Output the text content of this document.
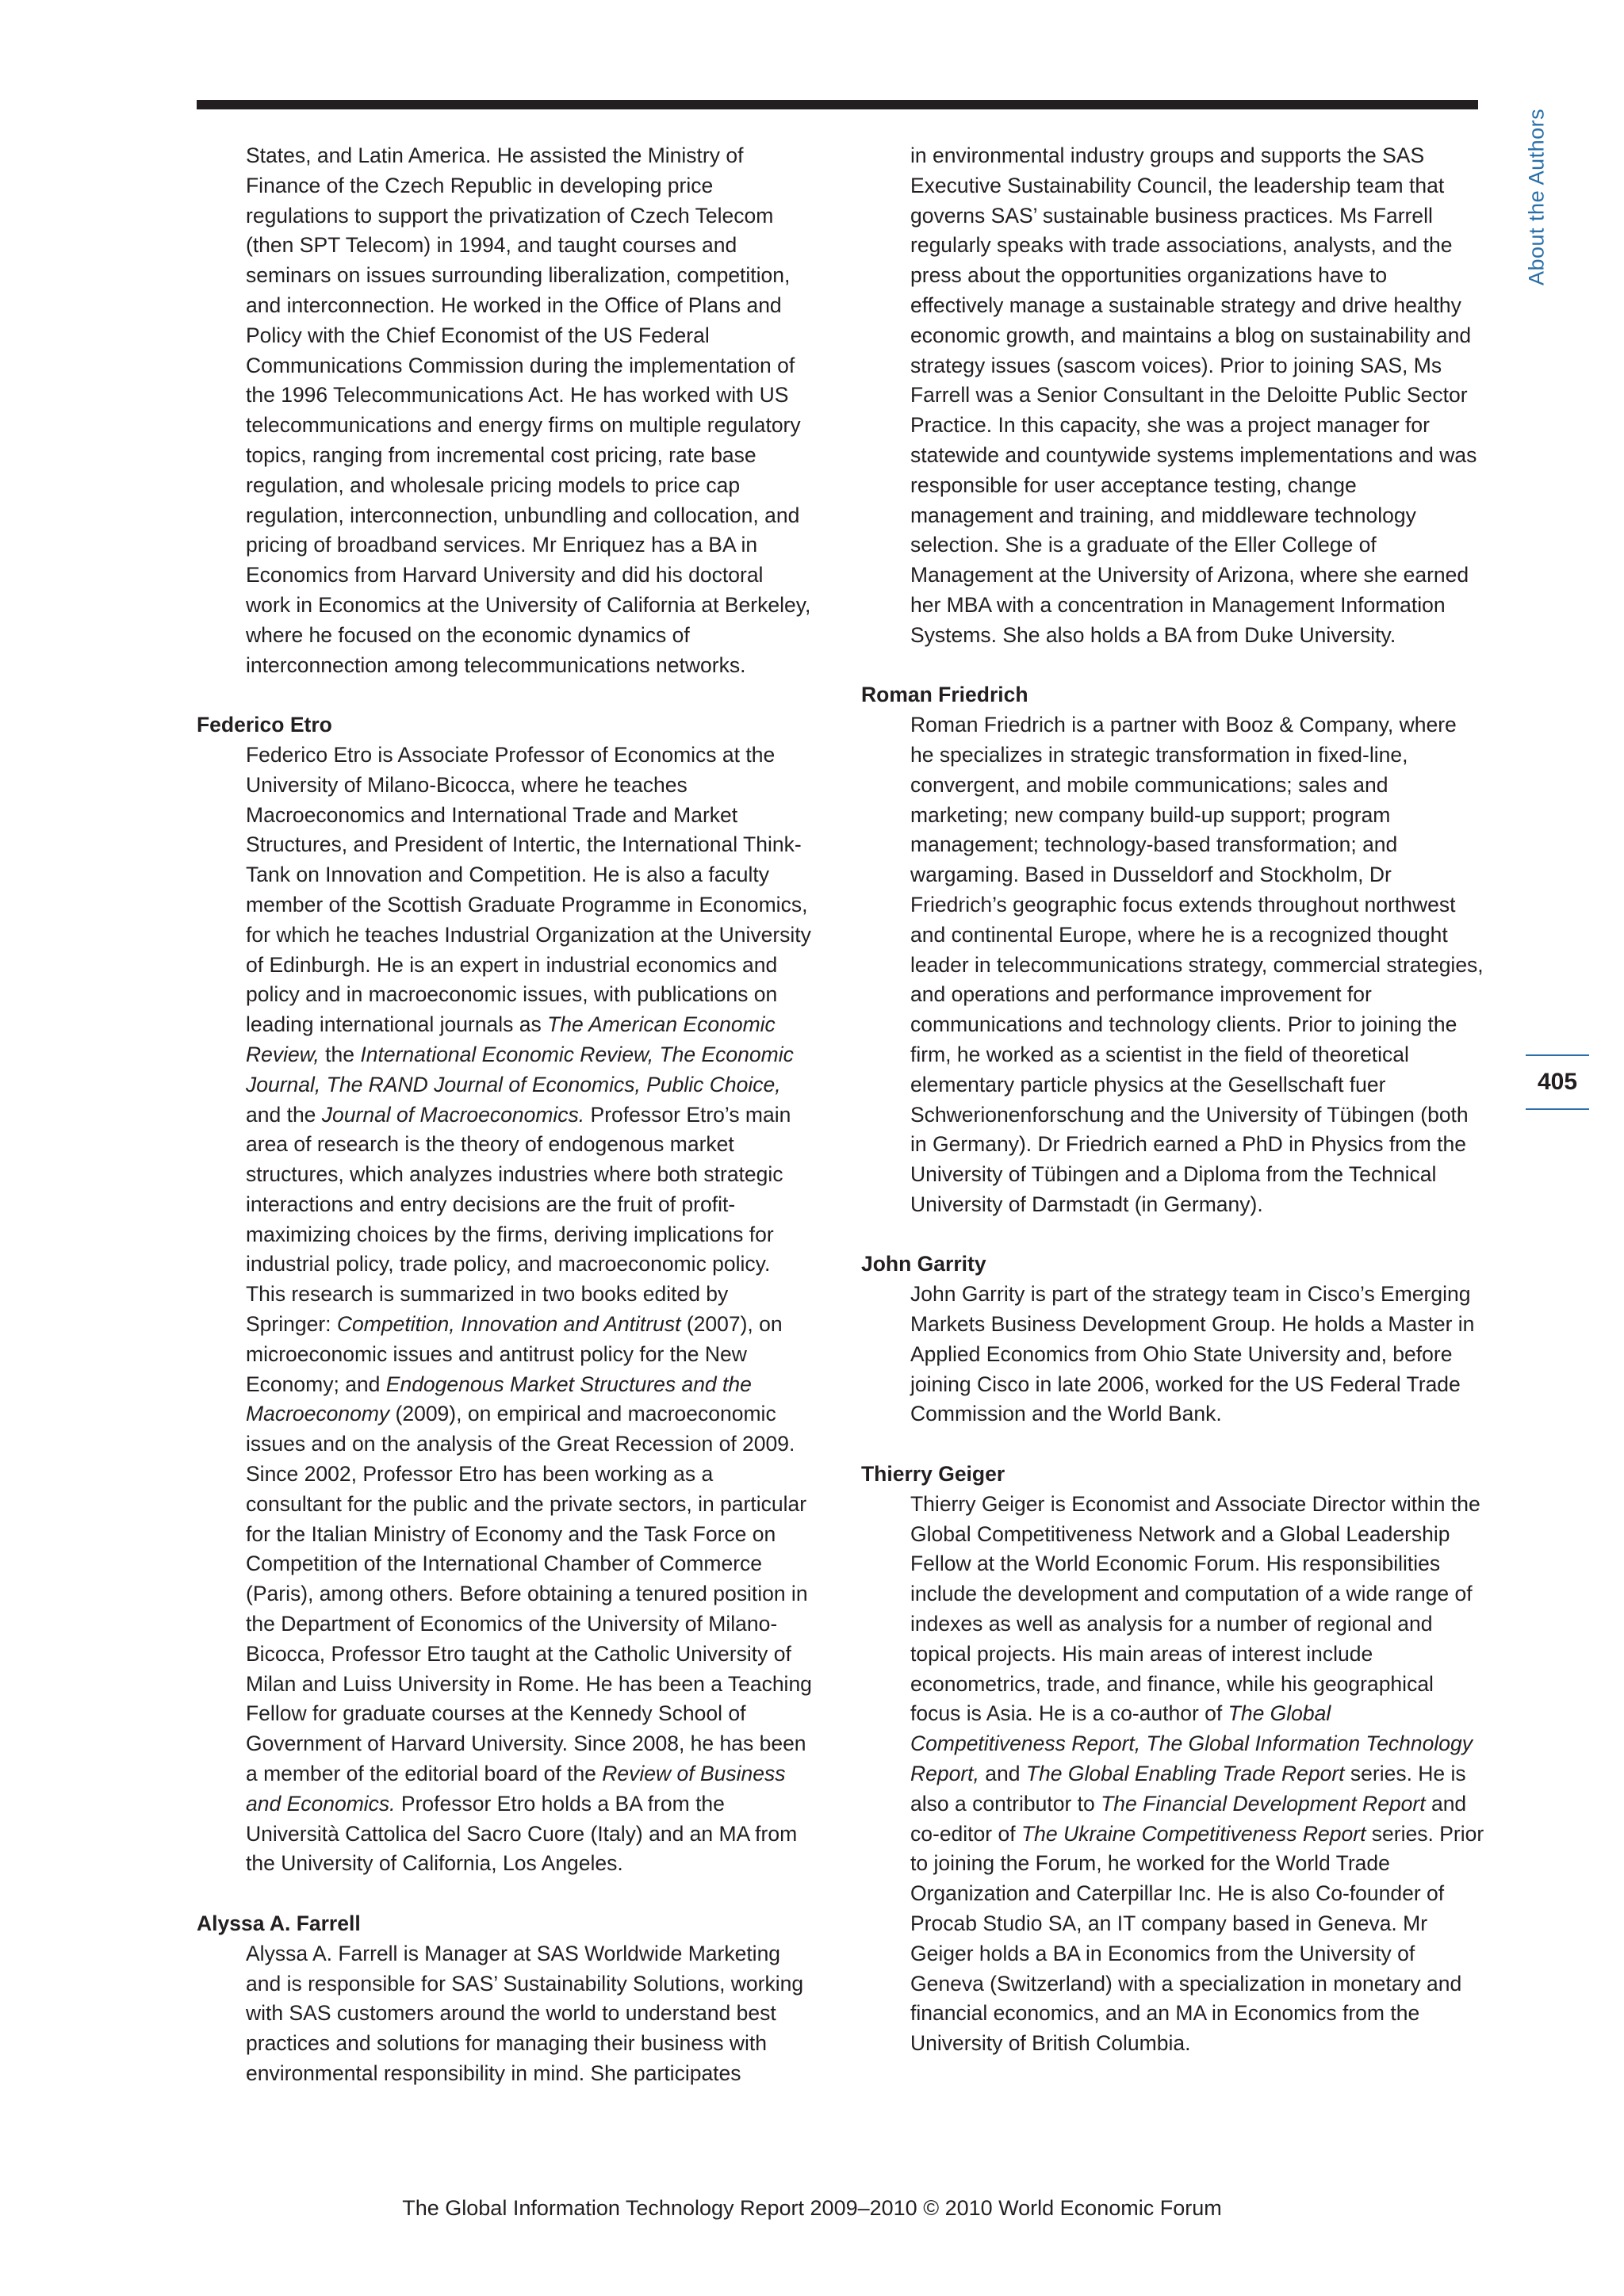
About the Authors
405

States, and Latin America. He assisted the Ministry of Finance of the Czech Republic in developing price regulations to support the privatization of Czech Telecom (then SPT Telecom) in 1994, and taught courses and seminars on issues surrounding liberalization, competition, and interconnection. He worked in the Office of Plans and Policy with the Chief Economist of the US Federal Communications Commission during the implementation of the 1996 Telecommunications Act. He has worked with US telecommunications and energy firms on multiple regulatory topics, ranging from incremental cost pricing, rate base regulation, and wholesale pricing models to price cap regulation, interconnection, unbundling and collocation, and pricing of broadband services. Mr Enriquez has a BA in Economics from Harvard University and did his doctoral work in Economics at the University of California at Berkeley, where he focused on the economic dynamics of interconnection among telecommunications networks.

Federico Etro

Federico Etro is Associate Professor of Economics at the University of Milano-Bicocca, where he teaches Macroeconomics and International Trade and Market Structures, and President of Intertic, the International Think-Tank on Innovation and Competition. He is also a faculty member of the Scottish Graduate Programme in Economics, for which he teaches Industrial Organization at the University of Edinburgh. He is an expert in industrial economics and policy and in macroeconomic issues, with publications on leading international journals as The American Economic Review, the International Economic Review, The Economic Journal, The RAND Journal of Economics, Public Choice, and the Journal of Macroeconomics. Professor Etro’s main area of research is the theory of endogenous market structures, which analyzes industries where both strategic interactions and entry decisions are the fruit of profit-maximizing choices by the firms, deriving implications for industrial policy, trade policy, and macroeconomic policy. This research is summarized in two books edited by Springer: Competition, Innovation and Antitrust (2007), on microeconomic issues and antitrust policy for the New Economy; and Endogenous Market Structures and the Macroeconomy (2009), on empirical and macroeconomic issues and on the analysis of the Great Recession of 2009. Since 2002, Professor Etro has been working as a consultant for the public and the private sectors, in particular for the Italian Ministry of Economy and the Task Force on Competition of the International Chamber of Commerce (Paris), among others. Before obtaining a tenured position in the Department of Economics of the University of Milano-Bicocca, Professor Etro taught at the Catholic University of Milan and Luiss University in Rome. He has been a Teaching Fellow for graduate courses at the Kennedy School of Government of Harvard University. Since 2008, he has been a member of the editorial board of the Review of Business and Economics. Professor Etro holds a BA from the Università Cattolica del Sacro Cuore (Italy) and an MA from the University of California, Los Angeles.

Alyssa A. Farrell

Alyssa A. Farrell is Manager at SAS Worldwide Marketing and is responsible for SAS’ Sustainability Solutions, working with SAS customers around the world to understand best practices and solutions for managing their business with environmental responsibility in mind. She participates

in environmental industry groups and supports the SAS Executive Sustainability Council, the leadership team that governs SAS’ sustainable business practices. Ms Farrell regularly speaks with trade associations, analysts, and the press about the opportunities organizations have to effectively manage a sustainable strategy and drive healthy economic growth, and maintains a blog on sustainability and strategy issues (sascom voices). Prior to joining SAS, Ms Farrell was a Senior Consultant in the Deloitte Public Sector Practice. In this capacity, she was a project manager for statewide and countywide systems implementations and was responsible for user acceptance testing, change management and training, and middleware technology selection. She is a graduate of the Eller College of Management at the University of Arizona, where she earned her MBA with a concentration in Management Information Systems. She also holds a BA from Duke University.

Roman Friedrich

Roman Friedrich is a partner with Booz & Company, where he specializes in strategic transformation in fixed-line, convergent, and mobile communications; sales and marketing; new company build-up support; program management; technology-based transformation; and wargaming. Based in Dusseldorf and Stockholm, Dr Friedrich’s geographic focus extends throughout northwest and continental Europe, where he is a recognized thought leader in telecommunications strategy, commercial strategies, and operations and performance improvement for communications and technology clients. Prior to joining the firm, he worked as a scientist in the field of theoretical elementary particle physics at the Gesellschaft fuer Schwerionenforschung and the University of Tübingen (both in Germany). Dr Friedrich earned a PhD in Physics from the University of Tübingen and a Diploma from the Technical University of Darmstadt (in Germany).

John Garrity

John Garrity is part of the strategy team in Cisco’s Emerging Markets Business Development Group. He holds a Master in Applied Economics from Ohio State University and, before joining Cisco in late 2006, worked for the US Federal Trade Commission and the World Bank.

Thierry Geiger

Thierry Geiger is Economist and Associate Director within the Global Competitiveness Network and a Global Leadership Fellow at the World Economic Forum. His responsibilities include the development and computation of a wide range of indexes as well as analysis for a number of regional and topical projects. His main areas of interest include econometrics, trade, and finance, while his geographical focus is Asia. He is a co-author of The Global Competitiveness Report, The Global Information Technology Report, and The Global Enabling Trade Report series. He is also a contributor to The Financial Development Report and co-editor of The Ukraine Competitiveness Report series. Prior to joining the Forum, he worked for the World Trade Organization and Caterpillar Inc. He is also Co-founder of Procab Studio SA, an IT company based in Geneva. Mr Geiger holds a BA in Economics from the University of Geneva (Switzerland) with a specialization in monetary and financial economics, and an MA in Economics from the University of British Columbia.

The Global Information Technology Report 2009–2010 © 2010 World Economic Forum
